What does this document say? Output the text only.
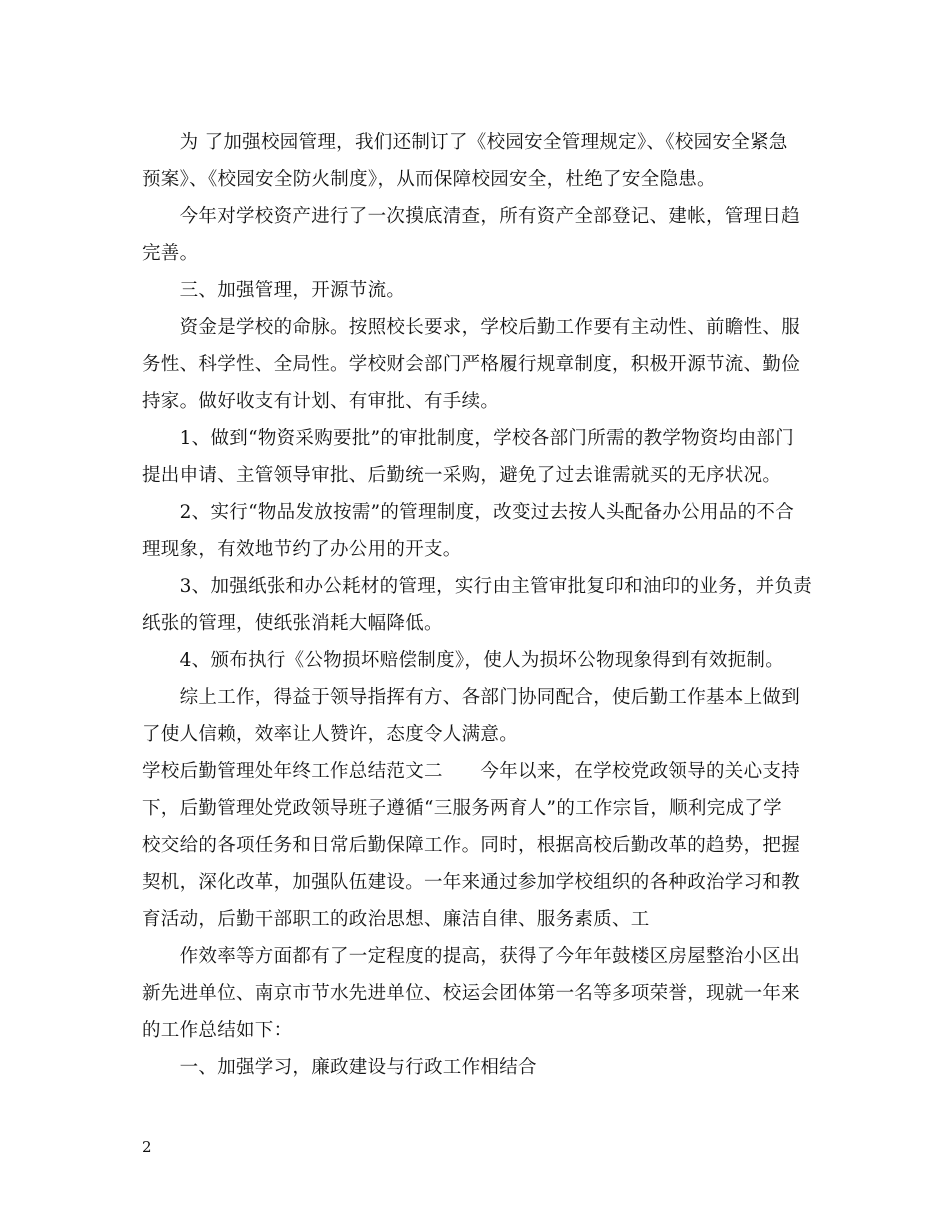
　　为 了加强校园管理，我们还制订了《校园安全管理规定》、《校园安全紧急
预案》、《校园安全防火制度》，从而保障校园安全，杜绝了安全隐患。
　　今年对学校资产进行了一次摸底清查，所有资产全部登记、建帐，管理日趋
完善。
　　三、加强管理，开源节流。
　　资金是学校的命脉。按照校长要求，学校后勤工作要有主动性、前瞻性、服
务性、科学性、全局性。学校财会部门严格履行规章制度，积极开源节流、勤俭
持家。做好收支有计划、有审批、有手续。
　　1、做到“物资采购要批”的审批制度，学校各部门所需的教学物资均由部门
提出申请、主管领导审批、后勤统一采购，避免了过去谁需就买的无序状况。
　　2、实行“物品发放按需”的管理制度，改变过去按人头配备办公用品的不合
理现象，有效地节约了办公用的开支。
　　3、加强纸张和办公耗材的管理，实行由主管审批复印和油印的业务，并负责
纸张的管理，使纸张消耗大幅降低。
　　4、颁布执行《公物损坏赔偿制度》，使人为损坏公物现象得到有效扼制。
　　综上工作，得益于领导指挥有方、各部门协同配合，使后勤工作基本上做到
了使人信赖，效率让人赞许，态度令人满意。
学校后勤管理处年终工作总结范文二　　今年以来，在学校党政领导的关心支持
下，后勤管理处党政领导班子遵循“三服务两育人”的工作宗旨，顺利完成了学
校交给的各项任务和日常后勤保障工作。同时，根据高校后勤改革的趋势，把握
契机，深化改革，加强队伍建设。一年来通过参加学校组织的各种政治学习和教
育活动，后勤干部职工的政治思想、廉洁自律、服务素质、工
　　作效率等方面都有了一定程度的提高，获得了今年年鼓楼区房屋整治小区出
新先进单位、南京市节水先进单位、校运会团体第一名等多项荣誉，现就一年来
的工作总结如下：
　　一、加强学习，廉政建设与行政工作相结合
2
